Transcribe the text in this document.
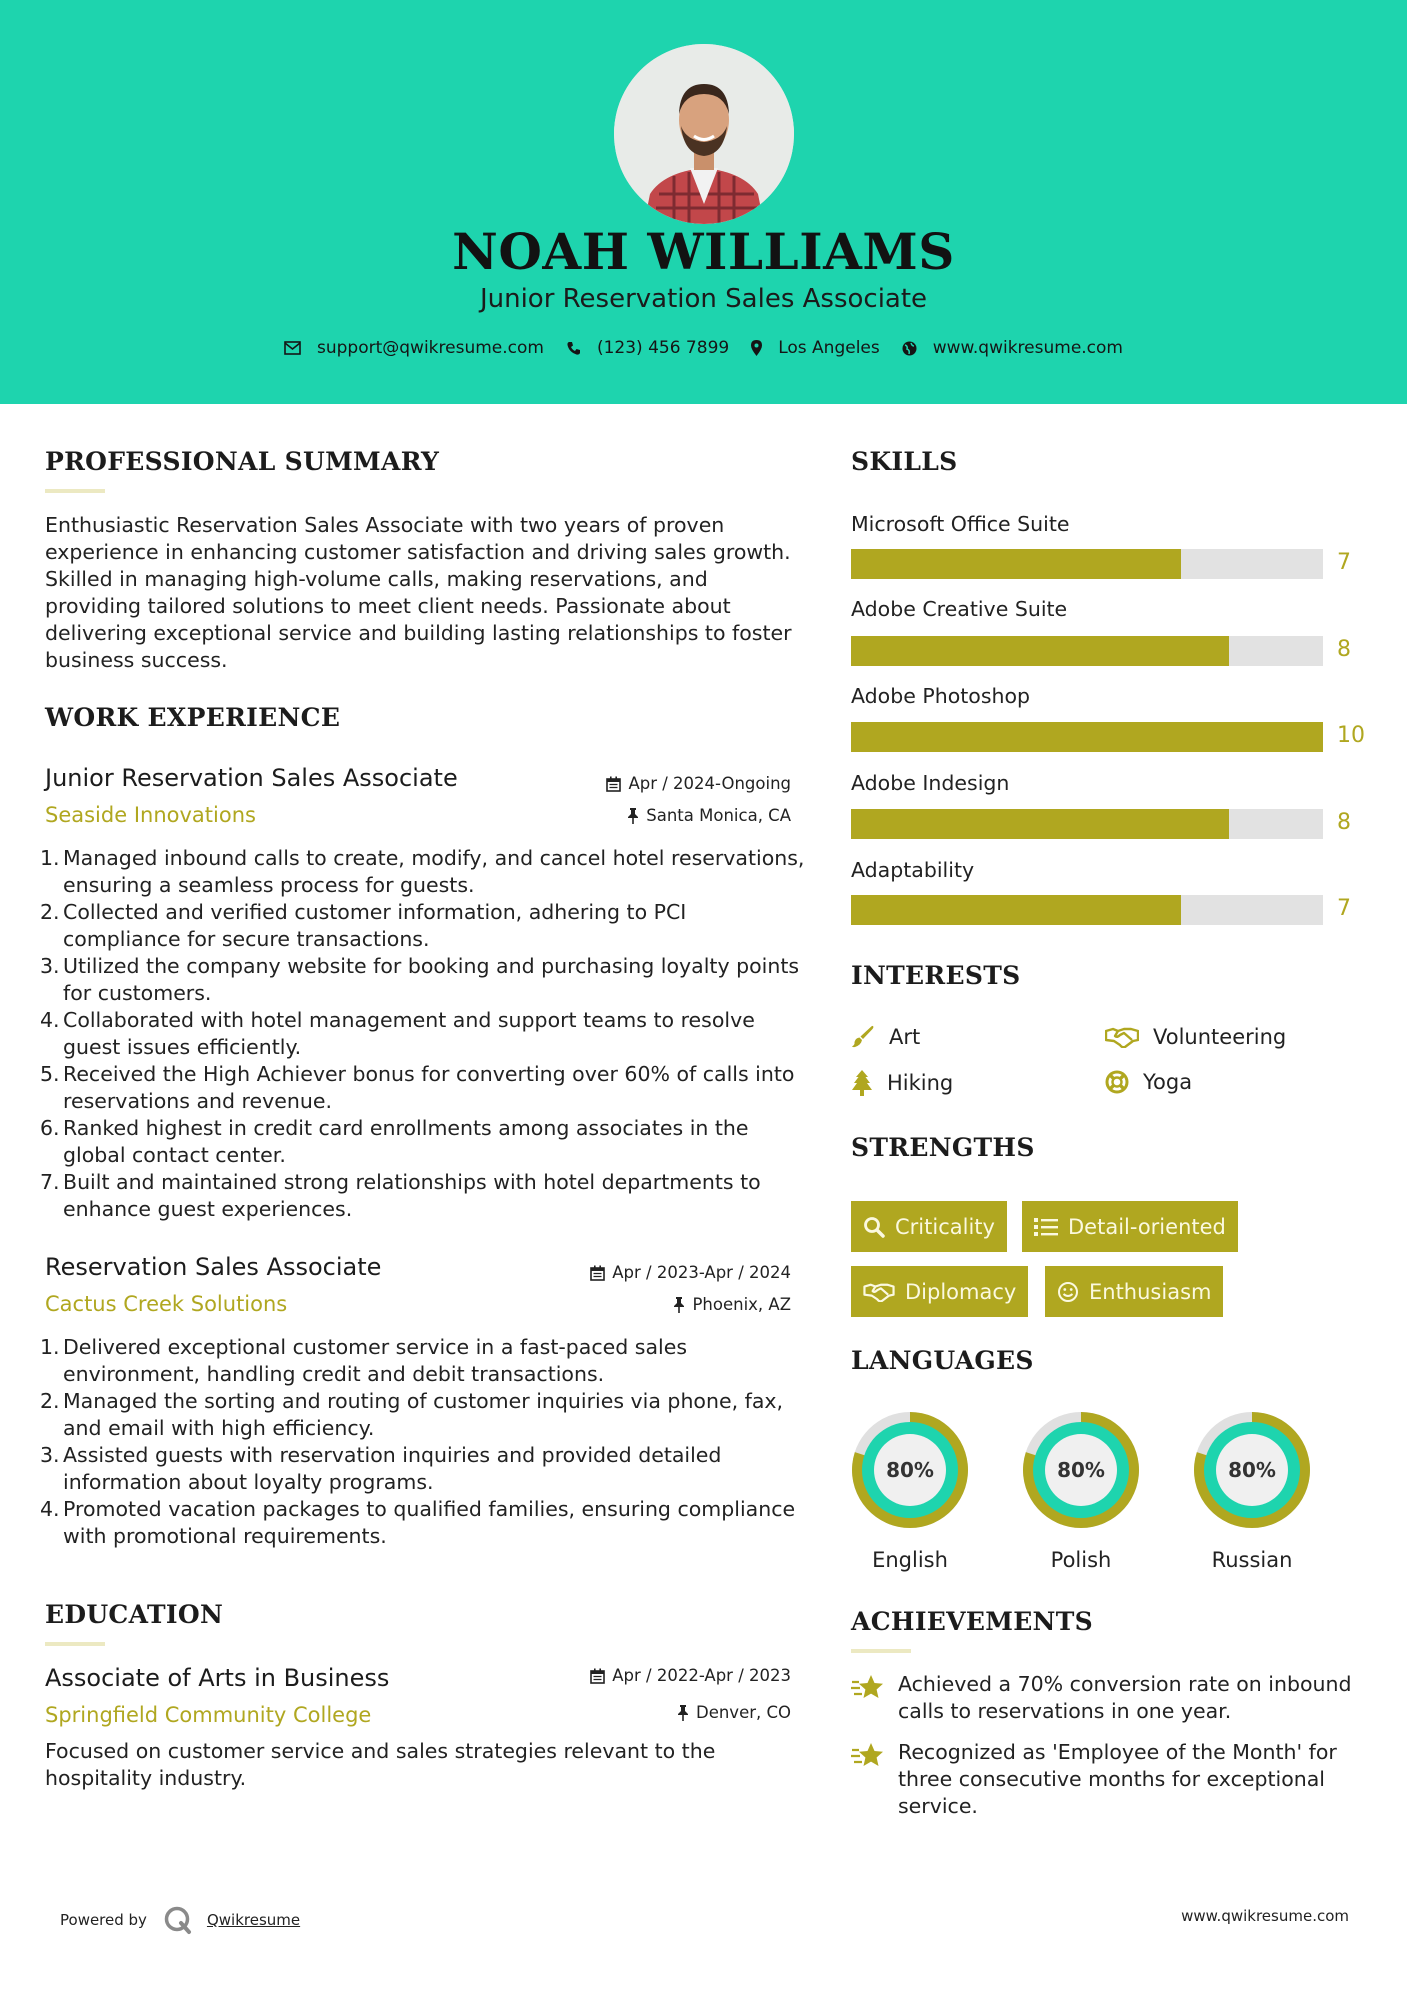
NOAH WILLIAMS
Junior Reservation Sales Associate
support@qwikresume.com	(123) 456 7899	Los Angeles	www.qwikresume.com
PROFESSIONAL SUMMARY
Enthusiastic Reservation Sales Associate with two years of proven experience in enhancing customer satisfaction and driving sales growth. Skilled in managing high-volume calls, making reservations, and providing tailored solutions to meet client needs. Passionate about delivering exceptional service and building lasting relationships to foster business success.
WORK EXPERIENCE
Junior Reservation Sales Associate
Seaside Innovations
Apr / 2024-Ongoing
Santa Monica, CA
1. Managed inbound calls to create, modify, and cancel hotel reservations, ensuring a seamless process for guests.
2. Collected and verified customer information, adhering to PCI compliance for secure transactions.
3. Utilized the company website for booking and purchasing loyalty points for customers.
4. Collaborated with hotel management and support teams to resolve guest issues efficiently.
5. Received the High Achiever bonus for converting over 60% of calls into reservations and revenue.
6. Ranked highest in credit card enrollments among associates in the global contact center.
7. Built and maintained strong relationships with hotel departments to enhance guest experiences.
Reservation Sales Associate
Cactus Creek Solutions
Apr / 2023-Apr / 2024
Phoenix, AZ
1. Delivered exceptional customer service in a fast-paced sales environment, handling credit and debit transactions.
2. Managed the sorting and routing of customer inquiries via phone, fax, and email with high efficiency.
3. Assisted guests with reservation inquiries and provided detailed information about loyalty programs.
4. Promoted vacation packages to qualified families, ensuring compliance with promotional requirements.
EDUCATION
Associate of Arts in Business
Springfield Community College
Apr / 2022-Apr / 2023
Denver, CO
Focused on customer service and sales strategies relevant to the hospitality industry.
SKILLS
Microsoft Office Suite
7
Adobe Creative Suite
8
Adobe Photoshop
10
Adobe Indesign
8
Adaptability
7
INTERESTS
Art	Volunteering
Hiking	Yoga
STRENGTHS
Criticality	Detail-oriented
Diplomacy	Enthusiasm
LANGUAGES
80%
English
80%
Polish
80%
Russian
ACHIEVEMENTS
Achieved a 70% conversion rate on inbound calls to reservations in one year.
Recognized as 'Employee of the Month' for three consecutive months for exceptional service.
Powered by	Qwikresume	www.qwikresume.com
